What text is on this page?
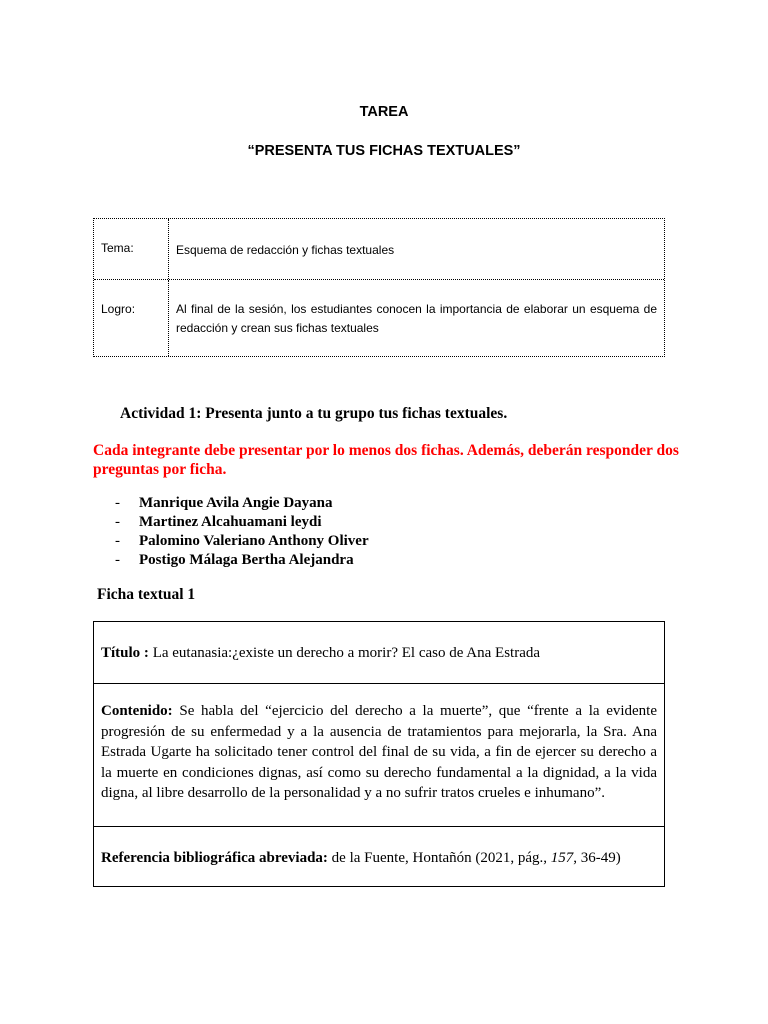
TAREA
“PRESENTA TUS FICHAS TEXTUALES”
Tema:	Esquema de redacción y fichas textuales
Logro:	Al final de la sesión, los estudiantes conocen la importancia de elaborar un esquema de redacción y crean sus fichas textuales
Actividad 1: Presenta junto a tu grupo tus fichas textuales.
Cada integrante debe presentar por lo menos dos fichas. Además, deberán responder dos preguntas por ficha.
- Manrique Avila Angie Dayana
- Martinez Alcahuamani leydi
- Palomino Valeriano Anthony Oliver
- Postigo Málaga Bertha Alejandra
Ficha textual 1
Título : La eutanasia:¿existe un derecho a morir? El caso de Ana Estrada
Contenido: Se habla del “ejercicio del derecho a la muerte”, que “frente a la evidente progresión de su enfermedad y a la ausencia de tratamientos para mejorarla, la Sra. Ana Estrada Ugarte ha solicitado tener control del final de su vida, a fin de ejercer su derecho a la muerte en condiciones dignas, así como su derecho fundamental a la dignidad, a la vida digna, al libre desarrollo de la personalidad y a no sufrir tratos crueles e inhumano”.
Referencia bibliográfica abreviada: de la Fuente, Hontañón (2021, pág., 157, 36-49)
